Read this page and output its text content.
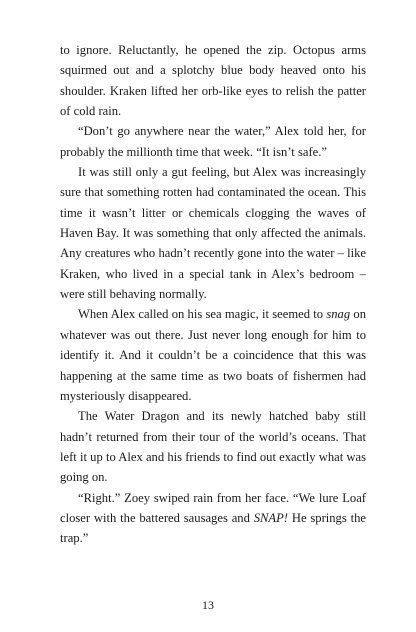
to ignore. Reluctantly, he opened the zip. Octopus arms squirmed out and a splotchy blue body heaved onto his shoulder. Kraken lifted her orb-like eyes to relish the patter of cold rain.

“Don’t go anywhere near the water,” Alex told her, for probably the millionth time that week. “It isn’t safe.”

It was still only a gut feeling, but Alex was increasingly sure that something rotten had contaminated the ocean. This time it wasn’t litter or chemicals clogging the waves of Haven Bay. It was something that only affected the animals. Any creatures who hadn’t recently gone into the water – like Kraken, who lived in a special tank in Alex’s bedroom – were still behaving normally.

When Alex called on his sea magic, it seemed to snag on whatever was out there. Just never long enough for him to identify it. And it couldn’t be a coincidence that this was happening at the same time as two boats of fishermen had mysteriously disappeared.

The Water Dragon and its newly hatched baby still hadn’t returned from their tour of the world’s oceans. That left it up to Alex and his friends to find out exactly what was going on.

“Right.” Zoey swiped rain from her face. “We lure Loaf closer with the battered sausages and SNAP! He springs the trap.”

13
